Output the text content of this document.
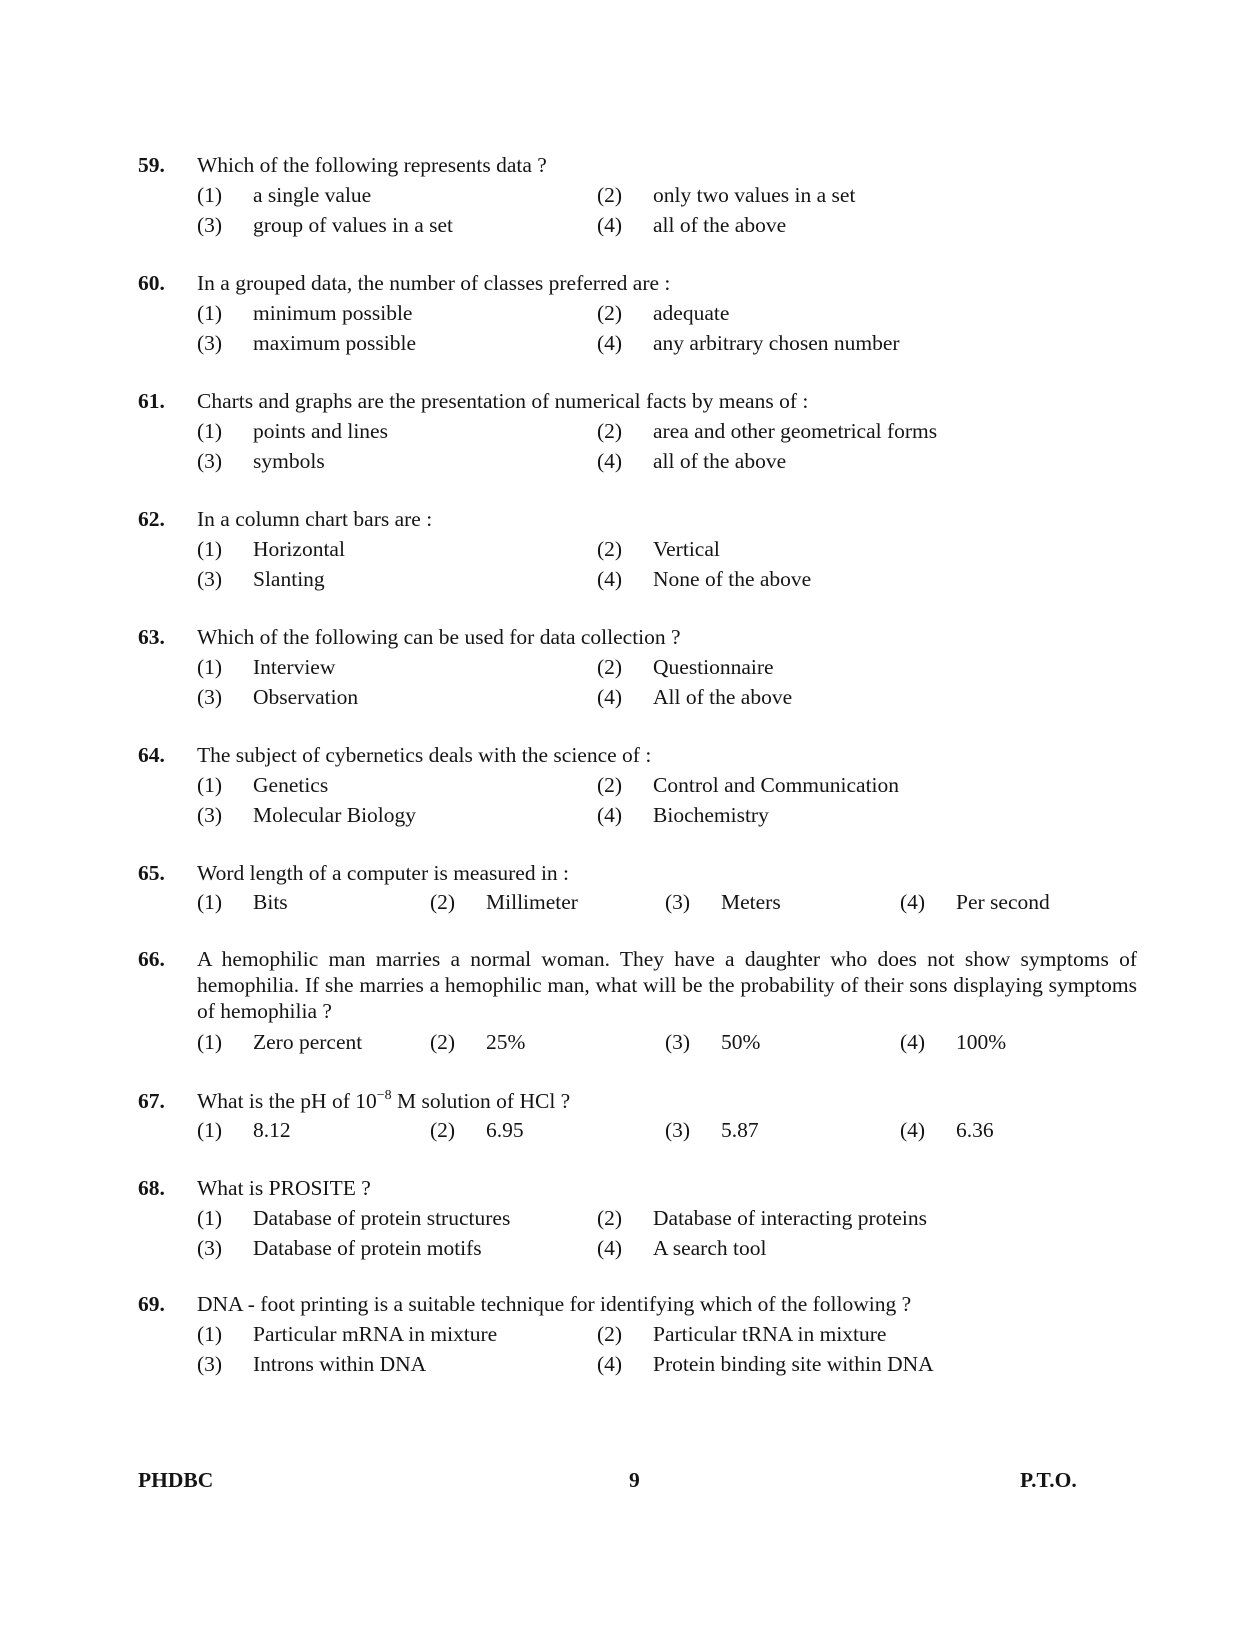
59. Which of the following represents data ?
(1) a single value	(2) only two values in a set
(3) group of values in a set	(4) all of the above
60. In a grouped data, the number of classes preferred are :
(1) minimum possible	(2) adequate
(3) maximum possible	(4) any arbitrary chosen number
61. Charts and graphs are the presentation of numerical facts by means of :
(1) points and lines	(2) area and other geometrical forms
(3) symbols	(4) all of the above
62. In a column chart bars are :
(1) Horizontal	(2) Vertical
(3) Slanting	(4) None of the above
63. Which of the following can be used for data collection ?
(1) Interview	(2) Questionnaire
(3) Observation	(4) All of the above
64. The subject of cybernetics deals with the science of :
(1) Genetics	(2) Control and Communication
(3) Molecular Biology	(4) Biochemistry
65. Word length of a computer is measured in :
(1) Bits	(2) Millimeter	(3) Meters	(4) Per second
66. A hemophilic man marries a normal woman. They have a daughter who does not show symptoms of hemophilia. If she marries a hemophilic man, what will be the probability of their sons displaying symptoms of hemophilia ?
(1) Zero percent	(2) 25%	(3) 50%	(4) 100%
67. What is the pH of $10^{-8}$ M solution of HCl ?
(1) 8.12	(2) 6.95	(3) 5.87	(4) 6.36
68. What is PROSITE ?
(1) Database of protein structures	(2) Database of interacting proteins
(3) Database of protein motifs	(4) A search tool
69. DNA - foot printing is a suitable technique for identifying which of the following ?
(1) Particular mRNA in mixture	(2) Particular tRNA in mixture
(3) Introns within DNA	(4) Protein binding site within DNA
PHDBC	9	P.T.O.
